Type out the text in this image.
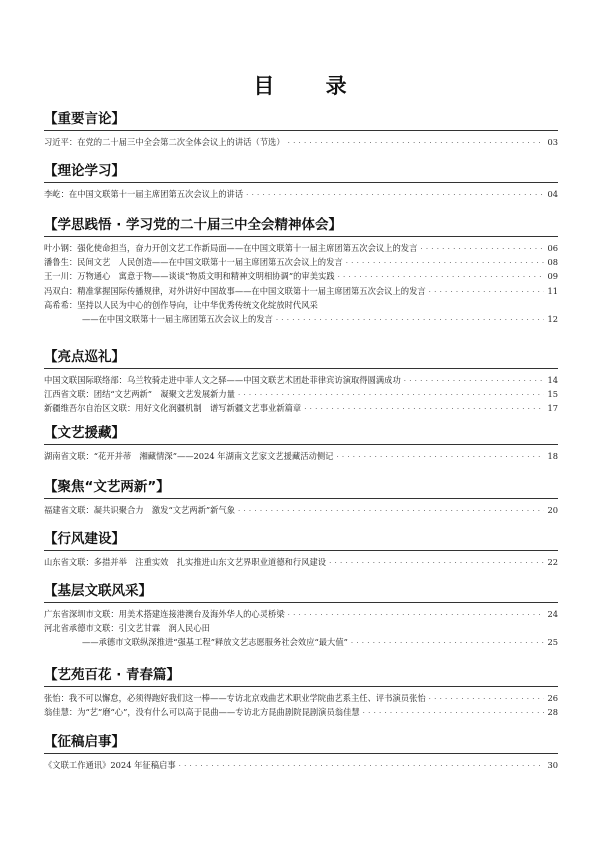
目 录
【重要言论】
习近平：在党的二十届三中全会第二次全体会议上的讲话（节选） · · ·	03
【理论学习】
李屹：在中国文联第十一届主席团第五次会议上的讲话 · · ·	04
【学思践悟 · 学习党的二十届三中全会精神体会】
叶小钢：强化使命担当，奋力开创文艺工作新局面——在中国文联第十一届主席团第五次会议上的发言 · · ·	06
潘鲁生：民间文艺　人民创造——在中国文联第十一届主席团第五次会议上的发言 · · ·	08
王一川：万物通心　寓意于物——谈谈“物质文明和精神文明相协调”的审美实践 · · ·	09
冯双白：精准掌握国际传播规律，对外讲好中国故事——在中国文联第十一届主席团第五次会议上的发言 · · ·	11
高希希：坚持以人民为中心的创作导向，让中华优秀传统文化绽放时代风采
——在中国文联第十一届主席团第五次会议上的发言 · · ·	12
【亮点巡礼】
中国文联国际联络部：乌兰牧骑走进中菲人文之驿——中国文联艺术团赴菲律宾访演取得圆满成功 · · ·	14
江西省文联：团结“文艺两新”　凝聚文艺发展新力量 · · ·	15
新疆维吾尔自治区文联：用好文化润疆机制　谱写新疆文艺事业新篇章 · · ·	17
【文艺援藏】
湖南省文联：“花开并蒂　湘藏情深”——2024 年湖南文艺家文艺援藏活动侧记 · · ·	18
【聚焦“文艺两新”】
福建省文联：凝共识聚合力　激发“文艺两新”新气象 · · ·	20
【行风建设】
山东省文联：多措并举　注重实效　扎实推进山东文艺界职业道德和行风建设 · · ·	22
【基层文联风采】
广东省深圳市文联：用美术搭建连接港澳台及海外华人的心灵桥梁 · · ·	24
河北省承德市文联：引文艺甘霖　润人民心田
——承德市文联纵深推进“强基工程”释放文艺志愿服务社会效应“最大值” · · ·	25
【艺苑百花 · 青春篇】
张怡：我不可以懈怠，必须得跑好我们这一棒——专访北京戏曲艺术职业学院曲艺系主任、评书演员张怡 · · ·	26
翁佳慧：为“艺”磨“心”，没有什么可以高于昆曲——专访北方昆曲剧院昆剧演员翁佳慧 · · ·	28
【征稿启事】
《文联工作通讯》2024 年征稿启事 · · ·	30
